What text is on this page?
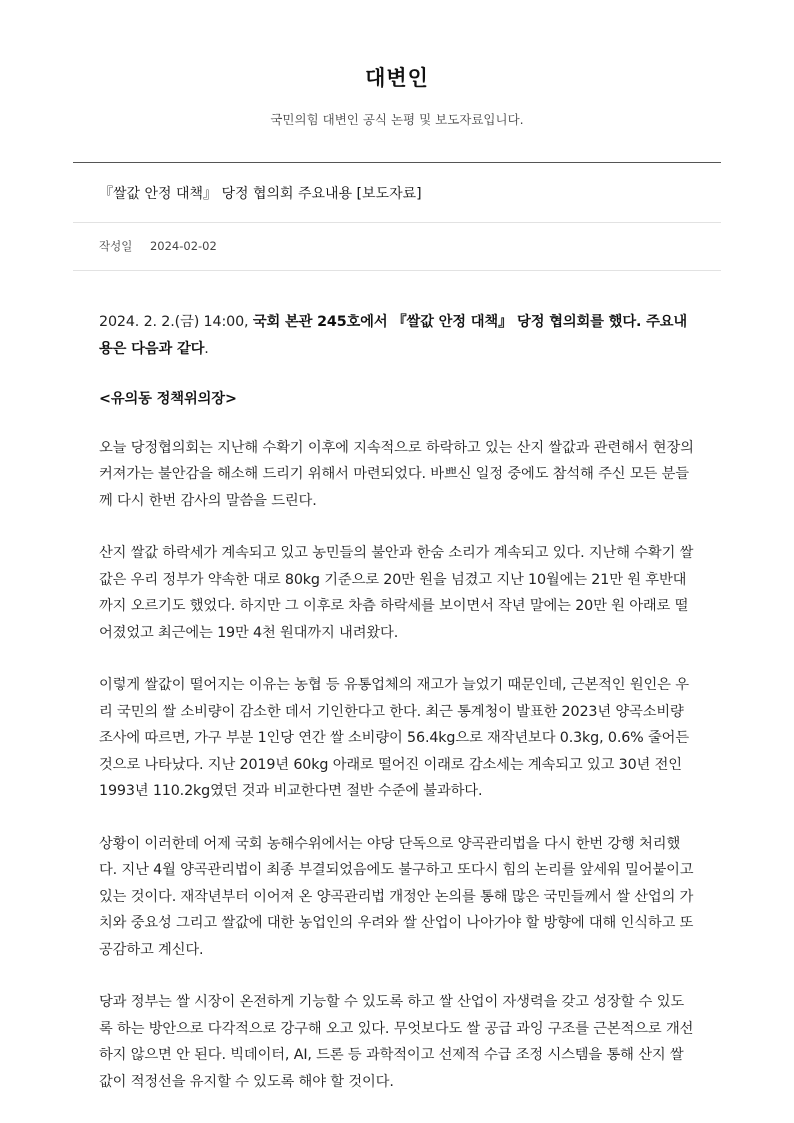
대변인
국민의힘 대변인 공식 논평 및 보도자료입니다.
『쌀값 안정 대책』 당정 협의회 주요내용 [보도자료]
작성일 2024-02-02

2024. 2. 2.(금) 14:00, 국회 본관 245호에서 『쌀값 안정 대책』 당정 협의회를 했다. 주요내용은 다음과 같다.

<유의동 정책위의장>

오늘 당정협의회는 지난해 수확기 이후에 지속적으로 하락하고 있는 산지 쌀값과 관련해서 현장의 커져가는 불안감을 해소해 드리기 위해서 마련되었다. 바쁘신 일정 중에도 참석해 주신 모든 분들께 다시 한번 감사의 말씀을 드린다.

산지 쌀값 하락세가 계속되고 있고 농민들의 불안과 한숨 소리가 계속되고 있다. 지난해 수확기 쌀값은 우리 정부가 약속한 대로 80kg 기준으로 20만 원을 넘겼고 지난 10월에는 21만 원 후반대까지 오르기도 했었다. 하지만 그 이후로 차츰 하락세를 보이면서 작년 말에는 20만 원 아래로 떨어졌었고 최근에는 19만 4천 원대까지 내려왔다.

이렇게 쌀값이 떨어지는 이유는 농협 등 유통업체의 재고가 늘었기 때문인데, 근본적인 원인은 우리 국민의 쌀 소비량이 감소한 데서 기인한다고 한다. 최근 통계청이 발표한 2023년 양곡소비량 조사에 따르면, 가구 부분 1인당 연간 쌀 소비량이 56.4kg으로 재작년보다 0.3kg, 0.6% 줄어든 것으로 나타났다. 지난 2019년 60kg 아래로 떨어진 이래로 감소세는 계속되고 있고 30년 전인 1993년 110.2kg였던 것과 비교한다면 절반 수준에 불과하다.

상황이 이러한데 어제 국회 농해수위에서는 야당 단독으로 양곡관리법을 다시 한번 강행 처리했다. 지난 4월 양곡관리법이 최종 부결되었음에도 불구하고 또다시 힘의 논리를 앞세워 밀어붙이고 있는 것이다. 재작년부터 이어져 온 양곡관리법 개정안 논의를 통해 많은 국민들께서 쌀 산업의 가치와 중요성 그리고 쌀값에 대한 농업인의 우려와 쌀 산업이 나아가야 할 방향에 대해 인식하고 또 공감하고 계신다.

당과 정부는 쌀 시장이 온전하게 기능할 수 있도록 하고 쌀 산업이 자생력을 갖고 성장할 수 있도록 하는 방안으로 다각적으로 강구해 오고 있다. 무엇보다도 쌀 공급 과잉 구조를 근본적으로 개선하지 않으면 안 된다. 빅데이터, AI, 드론 등 과학적이고 선제적 수급 조정 시스템을 통해 산지 쌀값이 적정선을 유지할 수 있도록 해야 할 것이다.
